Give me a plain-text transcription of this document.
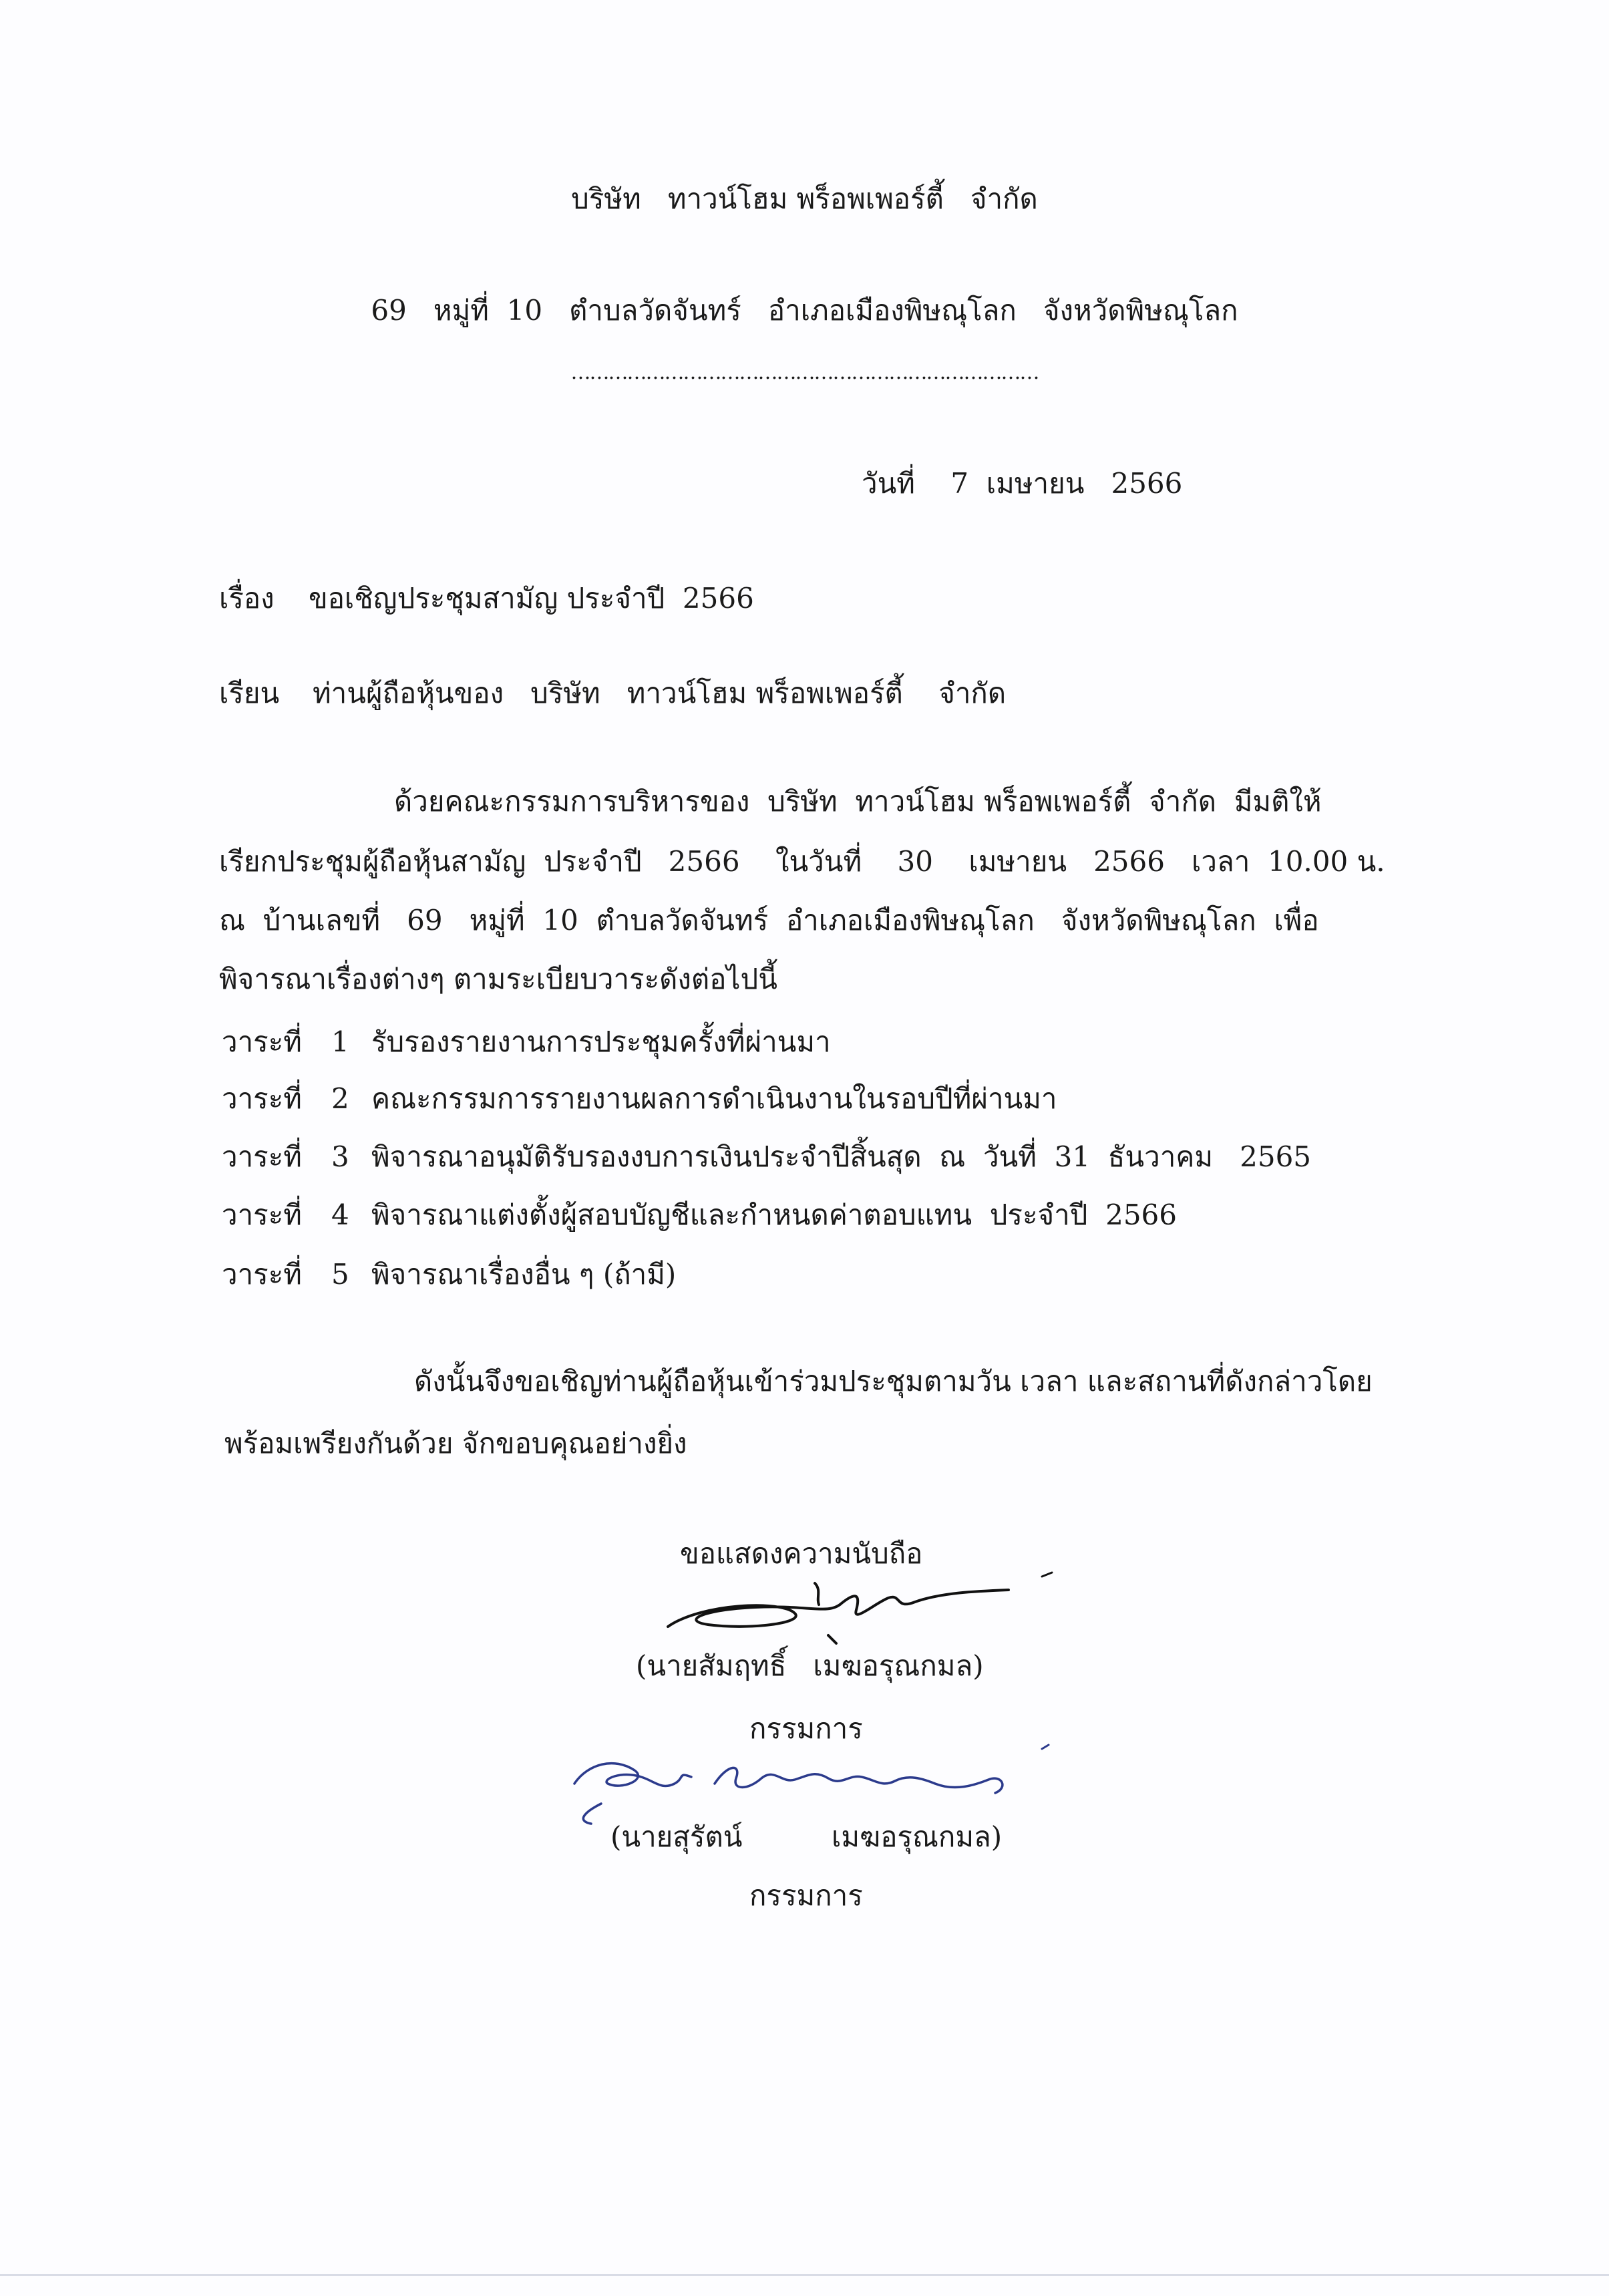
บริษัท   ทาวน์โฮม พร็อพเพอร์ตี้   จำกัด
69   หมู่ที่  10   ตำบลวัดจันทร์   อำเภอเมืองพิษณุโลก   จังหวัดพิษณุโลก
…………………………………………………………………
วันที่    7  เมษายน   2566
เรื่อง ขอเชิญประชุมสามัญ ประจำปี  2566
เรียน ท่านผู้ถือหุ้นของ   บริษัท   ทาวน์โฮม พร็อพเพอร์ตี้    จำกัด
ด้วยคณะกรรมการบริหารของ  บริษัท  ทาวน์โฮม พร็อพเพอร์ตี้  จำกัด  มีมติให้
เรียกประชุมผู้ถือหุ้นสามัญ  ประจำปี   2566    ในวันที่    30    เมษายน   2566   เวลา  10.00 น.
ณ  บ้านเลขที่   69   หมู่ที่  10  ตำบลวัดจันทร์  อำเภอเมืองพิษณุโลก   จังหวัดพิษณุโลก  เพื่อ
พิจารณาเรื่องต่างๆ ตามระเบียบวาระดังต่อไปนี้
วาระที่ 1 รับรองรายงานการประชุมครั้งที่ผ่านมา
วาระที่ 2 คณะกรรมการรายงานผลการดำเนินงานในรอบปีที่ผ่านมา
วาระที่ 3 พิจารณาอนุมัติรับรองงบการเงินประจำปีสิ้นสุด  ณ  วันที่  31  ธันวาคม   2565
วาระที่ 4 พิจารณาแต่งตั้งผู้สอบบัญชีและกำหนดค่าตอบแทน  ประจำปี  2566
วาระที่ 5 พิจารณาเรื่องอื่น ๆ (ถ้ามี)
ดังนั้นจึงขอเชิญท่านผู้ถือหุ้นเข้าร่วมประชุมตามวัน เวลา และสถานที่ดังกล่าวโดย
พร้อมเพรียงกันด้วย จักขอบคุณอย่างยิ่ง
ขอแสดงความนับถือ
(นายสัมฤทธิ์   เมฆอรุณกมล)
กรรมการ
(นายสุรัตน์          เมฆอรุณกมล)
กรรมการ
